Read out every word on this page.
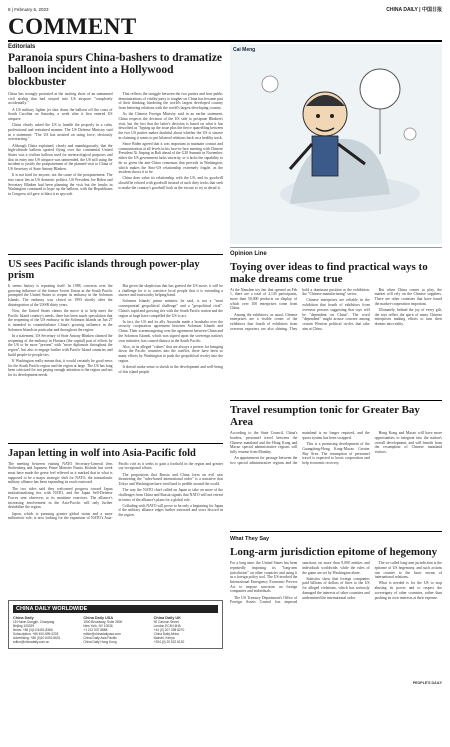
8 | February 6, 2023	CHINA DAILY | 中国日报
COMMENT
Editorials
Paranoia spurs China-bashers to dramatize balloon incident into a Hollywood blockbuster

China has strongly protested at the inciting shots of an unmanned civil airship that had strayed into US airspace "completely accidentally."

A US military fighter jet shot down the balloon off the coast of South Carolina on Saturday, a week after it first entered US airspace.

China clearly asked the US to handle the properly in a calm, professional and restrained manner. The US Defense Ministry said in a statement: "The US has insisted on using force, obviously overreacting."

Although China explained, clearly and unambiguously, that the high-altitude balloon spotted flying over the continental United States was a civilian balloon used for meteorological purposes and that its entry into US airspace was unintended, the US still using the incident to justify the postponement of the planned visit to China of US Secretary of State Antony Blinken.

It is not hard for anyone, not the cause of the postponement. The true cause lies in US domestic politics. US President Joe Biden and Secretary Blinken had been planning the visit but the hawks in Washington continued to hype up the balloon, with the Republicans in Congress stil gave to blast it as spycraft.

That reflects the struggle between the two parties and how public demonstrations of vitality party is tougher on China has become part of their thinking, hindering the world's largest developed country from bettering relations with the world's largest developing country.

As the Chinese Foreign Ministry said in an earlier statement, China respects the decision of the US side to postpone Blinken's visit, but the fact that the latter's decision is based on what it has described as "hyping up the issue plus the fierce quarrelling between the two US parties makes doubtful about whether the US is sincere in claiming it wants to put bilateral relations back on a healthy track.

Since Biden agreed that it was important to maintain contact and communication at all levels in his face-to-face meeting with Chinese President Xi Jinping in Bali ahead of the G20 Summit in November, either the US government lacks sincerity, or it lacks the capability to do so given the anti-China consensus that prevails in Washington, which makes the Sino-US relationship extremely fragile, as the incident shows it to be.

China does value its relationship with the US, and its goodwill should be echoed with goodwill instead of such dirty tricks that seek to make the country's goodwill look as the excuse to try to derail it.

US sees Pacific islands through power-play prism

It seems history is repeating itself. In 1988, concerns over the growing influence of the former Soviet Union in the South Pacific prompted the United States to reopen its embassy in the Solomon Islands. The embassy was closed in 1993 shortly after the disintegration of the USSR thirty years.

Now, the United States claims the move is to help meet the Pacific Island country's needs, there has been much speculation that the reopening of the US embassy in the Solomon Islands on Jan 27 is intended to counterbalance China's growing influence in the Solomon Islands in particular and throughout the region.

In a statement, US Secretary of State Antony Blinken claimed the reopening of the embassy in Honiara (the capital) part of efforts by the US to be more "present" with "more diplomats throughout the region", but also to engage further with Pacific Island countries and build people-to-people ties.

If Washington really means that, it would certainly be good news for the South Pacific region and the region at large. The US has long been criticized for not paying enough attention to the region and not for its development needs.

But given the skepticism that has greeted the US move, it will be a challenge for it to convince local people that it is extending a sincere and trustworthy helping hand.

Solomon Islands' prime minister, he said, is not a "most consequential geopolitical challenge" and a "geopolitical rival". China's rapid and growing ties with the South Pacific nation and the region at large have compelled the US to act.

In fact, the US and its ally Australia made a brouhaha over the security cooperation agreement between Solomon Islands and China. Their scaremongering over the agreement between China and the Solomon Islands, which was signed upon the sovereign nation's own initiative, has caused distrust in the South Pacific.

Also, in its alleged "values" that are always a pretext for bringing down the Pacific countries into the conflict, there have been so many efforts by Washington to push the geopolitical rivalry into the region.

It doesn't make sense to sketch in the development and well-being of this island people.

Japan letting in wolf into Asia-Pacific fold

The meeting between visiting NATO Secretary-General Jens Stoltenberg and Japanese Prime Minister Fumio Kishida last week must have made the geese feel relieved as it marked that in what is supposed to be a major strategic shift for NATO, the transatlantic military alliance has been expanding its reach eastward.

The two sides said they welcomed progress toward Japan institutionalizing ties with NATO, and the Japan Self-Defense Forces sent observers to its maritime exercises. The alliance's increasing involvement in the Asia-Pacific will only further destabilize the region.

Japan, which is pursuing greater global status and a more militaristic role, is now looking for the expansion of NATO's Asia-Pacific role as it seeks to gain a foothold in the region and greater say in regional affairs.

The proposition that Russia and China form an evil axis threatening the "rules-based international order" is a narrative that Tokyo and Washington have tried hard to peddle around the world.

The way the NATO chief called on Japan to take on more of the challenges from China and Russia signals that NATO will not retreat in terms of the alliance's plans for a global role.

Colluding with NATO will prove to be only a beginning for Japan if the military alliance edges further eastward and sows discord in the region.

CHINA DAILY WORLDWIDE
China Daily
15 Huixin Dongjie, Chaoyang
Beijing 100029
News: +86 (0)10 6491-8366
Subscription: +86 400-699-0203
Advertising: +86 (0)10 6491-8631
editor@chinadaily.com.cn
China Daily USA
1500 Broadway, Suite 2800
New York, NY 10036
+1 212 537 8888
editor@chinadailyusa.com
China Daily Asia Pacific
China Daily Hong Kong
China Daily UK
90 Cannon Street
London EC4N 6HA
+44 (0) 207 398 8270
China Daily Africa
Nairobi, Kenya
+254 (0) 20 522 6130
Cai Meng
Opinion Line
Toying over ideas to find practical ways to make dreams come true

At the Nanzhen toy fair that opened on Feb 1, there are a total of 2,145 participants, more than 50,000 products on display, of which over 100 enterprises come from China.

Among the exhibitors, as usual, Chinese enterprises are a visible center of the exhibitors that fourth of exhibitors from overseas exporters are also shining. They hold a dominant position at the exhibition: the "Chinese manufacturing" sector.

Chinese enterprises are reliable in the exhibition that fourth of exhibitors from overseas possess suggesting that toys will be "dependent on China". The word "dependent" might arouse concern among certain Western political circles that take aim at China.

But when China comes to play, the market will rely on the Chinese suppliers. There are other countries that have found the market-cooperation important.

Ultimately, behind the joy of every gift, the toys reflect the spirit of many Chinese enterprises making efforts to turn their dreams into reality.

Travel resumption tonic for Greater Bay Area

According to the State Council, China's borders, personnel travel between the Chinese mainland and the Hong Kong and Macao special administrative regions will fully resume from Monday.

An appointment for passage between the two special administrative regions and the mainland is no longer required, and the quota system has been scrapped.

This is a promising development of the Guangdong-Hong Kong-Macao Greater Bay Area. The resumption of personnel travel is expected to boost cooperation and help economic recovery.

Hong Kong and Macao will have more opportunities to integrate into the nation's overall development, and will benefit from the resumption of Chinese mainland visitors.

What They Say
Long-arm jurisdiction epitome of hegemony

For a long time, the United States has been repeatedly imposing its "long-arm jurisdiction" on other countries and using it as a foreign policy tool. The US invoked the International Emergency Economic Powers Act to impose sanctions on foreign companies and individuals.

The US Treasury Department's Office of Foreign Assets Control has imposed sanctions on more than 9,000 entities and individuals worldwide, while the rules of the game are set by Washington alone.

Statistics show that foreign companies paid billions of dollars of fines to the US for alleged violations, which has seriously damaged the interests of other countries and undermined the international order.

The so-called long-arm jurisdiction is the epitome of US hegemony, and such actions run counter to the basic norms of international relations.

What is needed is for the US to stop abusing its power and to respect the sovereignty of other countries, rather than pushing its own interests at their expense.

PEOPLE'S DAILY
